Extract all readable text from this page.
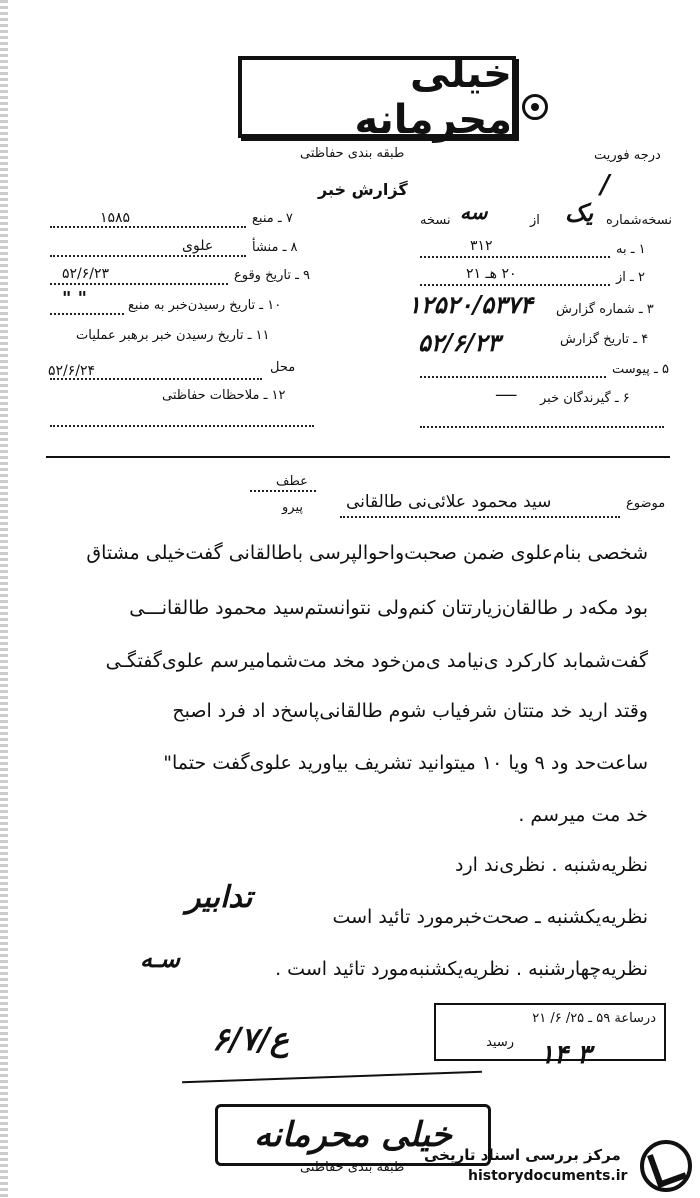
خیلی محرمانه
طبقه بندی حفاظتی	درجه فوریت
/
گزارش خبر
نسخه‌شماره
یک
از
سه
نسخه
۷ ـ منبع
۱۵۸۵
۸ ـ منشأ
علوی
۹ ـ تاریخ وقوع
۵۲/۶/۲۳
۱۰ ـ تاریخ رسیدن‌خبر به منبع
" "
۱۱ ـ تاریخ رسیدن خبر برهبر عملیات
محل
۵۲/۶/۲۴
۱۲ ـ ملاحظات حفاظتی
۱ ـ به
۳۱۲
۲ ـ از
۲۰ هـ ۲۱
۳ ـ شماره گزارش
۱۲۵۲۰/۵۳۷۴
۴ ـ تاریخ گزارش
۵۲/۶/۲۳
۵ ـ پیوست
۶ ـ گیرندگان خبر
ـــــ
عطف
پیرو	موضوع
سید محمود علائی‌نی طالقانی
شخصی بنام‌علوی ضمن صحبت‌واحوالپرسی باطالقانی گفت‌خیلی مشتاق
بود مکه‌د ر طالقان‌زیارتتان کنم‌ولی نتوانستم‌سید محمود طالقانـــی
گفت‌شمابد کارکرد ی‌نیامد ی‌من‌خود مخد مت‌شمامیرسم علوی‌گفتگـی
وقتد ارید خد متتان شرفیاب شوم طالقانی‌پاسخ‌د اد فرد اصبح
ساعت‌حد ود ۹ ویا ۱۰ میتوانید تشریف بیاورید علوی‌گفت حتما"
خد مت میرسم .
نظریه‌شنبه . نظری‌ند ارد
نظریه‌یکشنبه ـ صحت‌خبرمورد تائید است
نظریه‌چهارشنبه . نظریه‌یکشنبه‌مورد تائید است .
تدابیر
سـه
۶/ع/۷
درساعة ۵۹ ـ ۲۵/ ۶/ ۲۱
رسید ۱۴ ۳
خیلی محرمانه
طبقه بندی حفاظتی
مرکز بررسی اسناد تاریخی
historydocuments.ir
